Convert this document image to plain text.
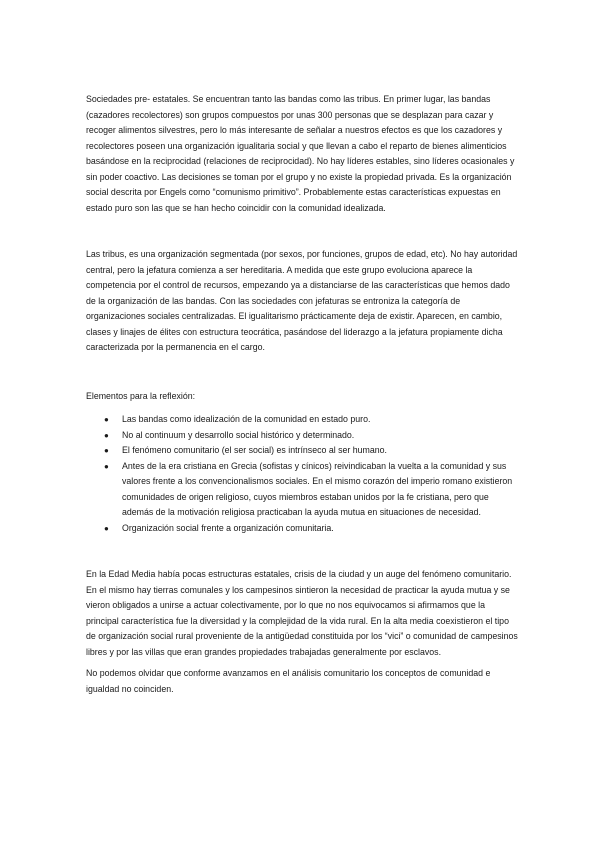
Sociedades pre- estatales. Se encuentran tanto las bandas como las tribus. En primer lugar, las bandas (cazadores recolectores) son grupos compuestos por unas 300 personas que se desplazan para cazar y recoger alimentos silvestres, pero lo más interesante de señalar a nuestros efectos es que los cazadores y recolectores poseen una organización igualitaria social y que llevan a cabo el reparto de bienes alimenticios basándose en la reciprocidad (relaciones de reciprocidad). No hay líderes estables, sino líderes ocasionales y sin poder coactivo. Las decisiones se toman por el grupo y no existe la propiedad privada. Es la organización social descrita por Engels como “comunismo primitivo”. Probablemente estas características expuestas en estado puro son las que se han hecho coincidir con la comunidad idealizada.

Las tribus, es una organización segmentada (por sexos, por funciones, grupos de edad, etc). No hay autoridad central, pero la jefatura comienza a ser hereditaria. A medida que este grupo evoluciona aparece la competencia por el control de recursos, empezando ya a distanciarse de las características que hemos dado de la organización de las bandas. Con las sociedades con jefaturas se entroniza la categoría de organizaciones sociales centralizadas. El igualitarismo prácticamente deja de existir. Aparecen, en cambio, clases y linajes de élites con estructura teocrática, pasándose del liderazgo a la jefatura propiamente dicha caracterizada por la permanencia en el cargo.

Elementos para la reflexión:

● Las bandas como idealización de la comunidad en estado puro.
● No al continuum y desarrollo social histórico y determinado.
● El fenómeno comunitario (el ser social) es intrínseco al ser humano.
● Antes de la era cristiana en Grecia (sofistas y cínicos) reivindicaban la vuelta a la comunidad y sus valores frente a los convencionalismos sociales. En el mismo corazón del imperio romano existieron comunidades de origen religioso, cuyos miembros estaban unidos por la fe cristiana, pero que además de la motivación religiosa practicaban la ayuda mutua en situaciones de necesidad.
● Organización social frente a organización comunitaria.

En la Edad Media había pocas estructuras estatales, crisis de la ciudad y un auge del fenómeno comunitario. En el mismo hay tierras comunales y los campesinos sintieron la necesidad de practicar la ayuda mutua y se vieron obligados a unirse a actuar colectivamente, por lo que no nos equivocamos si afirmamos que la principal característica fue la diversidad y la complejidad de la vida rural. En la alta media coexistieron el tipo de organización social rural proveniente de la antigüedad constituida por los “vici” o comunidad de campesinos libres y por las villas que eran grandes propiedades trabajadas generalmente por esclavos.

No podemos olvidar que conforme avanzamos en el análisis comunitario los conceptos de comunidad e igualdad no coinciden.
